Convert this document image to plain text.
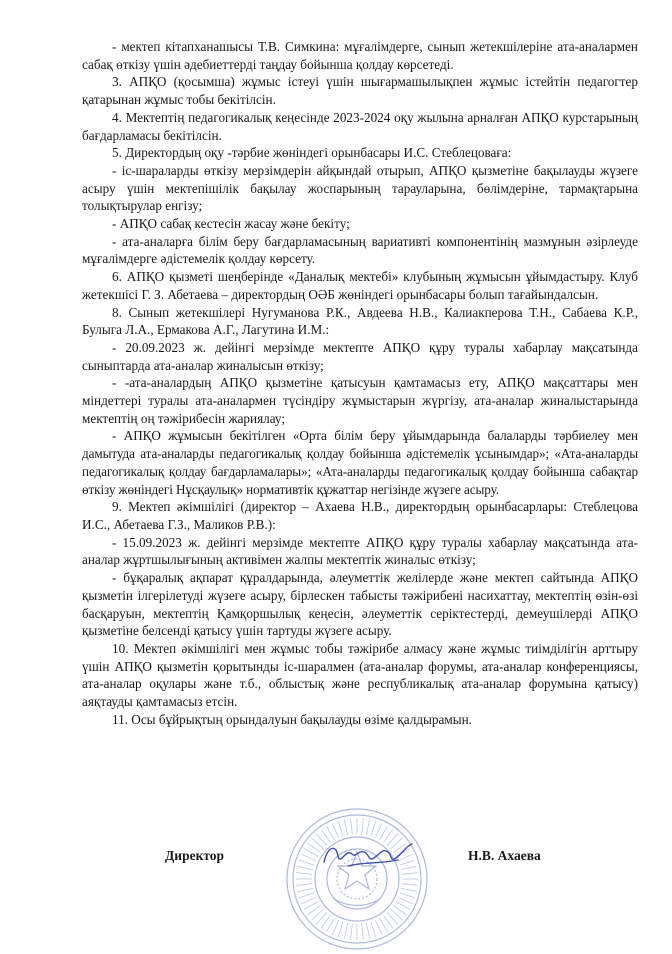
- мектеп кітапханашысы Т.В. Симкина: мұғалімдерге, сынып жетекшілеріне ата-аналармен сабақ өткізу үшін әдебиеттерді таңдау бойынша қолдау көрсетеді.

3. АПҚО (қосымша) жұмыс істеуі үшін шығармашылықпен жұмыс істейтін педагогтер қатарынан жұмыс тобы бекітілсін.

4. Мектептің педагогикалық кеңесінде 2023-2024 оқу жылына арналған АПҚО курстарының бағдарламасы бекітілсін.

5. Директордың оқу -тәрбие жөніндегі орынбасары И.С. Стеблецоваға:

- іс-шараларды өткізу мерзімдерін айқындай отырып, АПҚО қызметіне бақылауды жүзеге асыру үшін мектепішілік бақылау жоспарының тарауларына, бөлімдеріне, тармақтарына толықтырулар енгізу;

- АПҚО сабақ кестесін жасау және бекіту;

- ата-аналарға білім беру бағдарламасының вариативті компонентінің мазмұнын әзірлеуде мұғалімдерге әдістемелік қолдау көрсету.

6. АПҚО қызметі шеңберінде «Даналық мектебі» клубының жұмысын ұйымдастыру. Клуб жетекшісі Г. З. Абетаева – директордың ОӘБ жөніндегі орынбасары болып тағайындалсын.

8. Сынып жетекшілері Нугуманова Р.К., Авдеева Н.В., Калиакперова Т.Н., Сабаева К.Р., Булыга Л.А., Ермакова А.Г., Лагутина И.М.:

- 20.09.2023 ж. дейінгі мерзімде мектепте АПҚО құру туралы хабарлау мақсатында сыныптарда ата-аналар жиналысын өткізу;

- -ата-аналардың АПҚО қызметіне қатысуын қамтамасыз ету, АПҚО мақсаттары мен міндеттері туралы ата-аналармен түсіндіру жұмыстарын жүргізу, ата-аналар жиналыстарында мектептің оң тәжірибесін жариялау;

- АПҚО жұмысын бекітілген «Орта білім беру ұйымдарында балаларды тәрбиелеу мен дамытуда ата-аналарды педагогикалық қолдау бойынша әдістемелік ұсынымдар»; «Ата-аналарды педагогикалық қолдау бағдарламалары»; «Ата-аналарды педагогикалық қолдау бойынша сабақтар өткізу жөніндегі Нұсқаулық» нормативтік құжаттар негізінде жүзеге асыру.

9. Мектеп әкімшілігі (директор – Ахаева Н.В., директордың орынбасарлары: Стеблецова И.С., Абетаева Г.З., Маликов Р.В.):

- 15.09.2023 ж. дейінгі мерзімде мектепте АПҚО құру туралы хабарлау мақсатында ата-аналар жұртшылығының активімен жалпы мектептік жиналыс өткізу;

- бұқаралық ақпарат құралдарында, әлеуметтік желілерде және мектеп сайтында АПҚО қызметін ілгерілетуді жүзеге асыру, бірлескен табысты тәжірибені насихаттау, мектептің өзін-өзі басқаруын, мектептің Қамқоршылық кеңесін, әлеуметтік серіктестерді, демеушілерді АПҚО қызметіне белсенді қатысу үшін тартуды жүзеге асыру.

10. Мектеп әкімшілігі мен жұмыс тобы тәжірибе алмасу және жұмыс тиімділігін арттыру үшін АПҚО қызметін қорытынды іс-шаралмен (ата-аналар форумы, ата-аналар конференциясы, ата-аналар оқулары және т.б., облыстық және республикалық ата-аналар форумына қатысу) аяқтауды қамтамасыз етсін.

11. Осы бұйрықтың орындалуын бақылауды өзіме қалдырамын.

Директор	Н.В. Ахаева
